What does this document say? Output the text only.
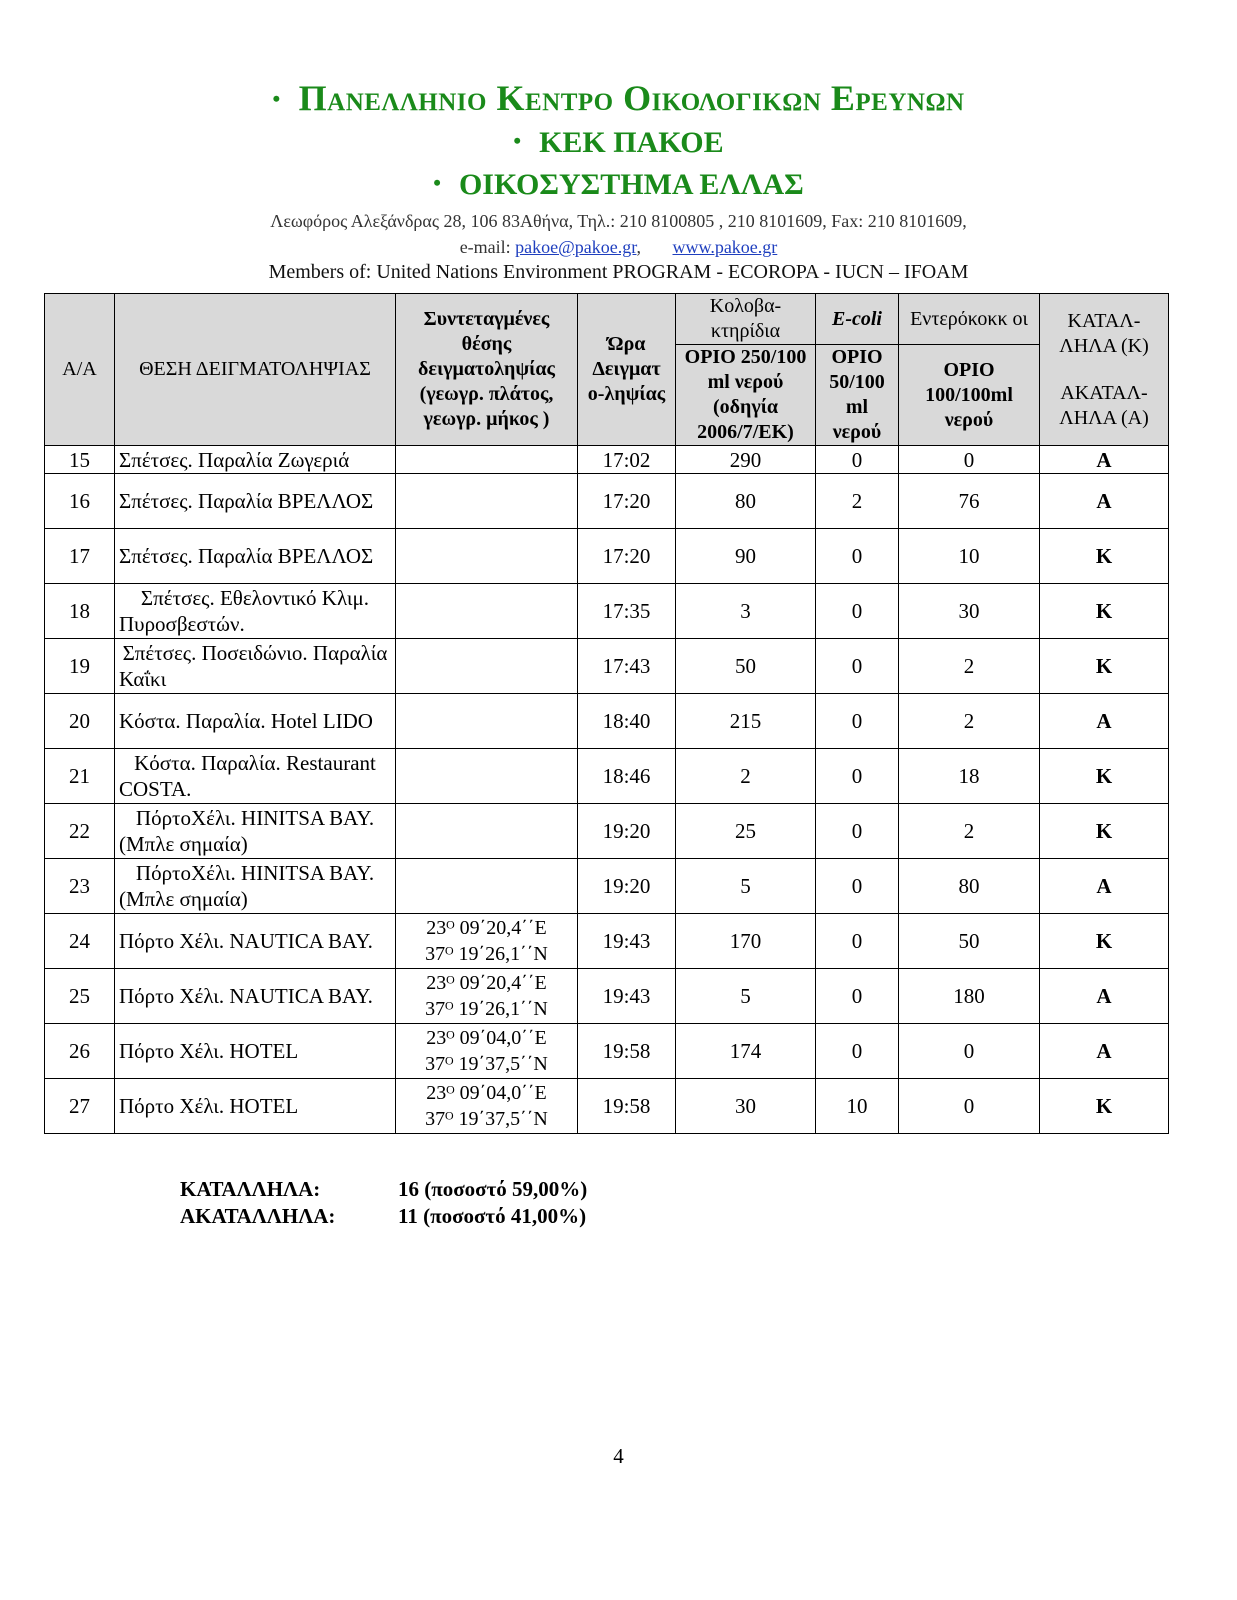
• Πανελληνιο Κεντρο Οικολογικων Ερευνων
• ΚΕΚ ΠΑΚΟΕ
• ΟΙΚΟΣΥΣΤΗΜΑ ΕΛΛΑΣ
Λεωφόρος Αλεξάνδρας 28, 106 83Αθήνα, Τηλ.: 210 8100805 , 210 8101609, Fax: 210 8101609,
e-mail: pakoe@pakoe.gr,       www.pakoe.gr
Members of: United Nations Environment PROGRAM - ECOROPA - IUCN – IFOAM
Α/Α	ΘΕΣΗ ΔΕΙΓΜΑΤΟΛΗΨΙΑΣ	Συντεταγμένες θέσης δειγματοληψίας (γεωγρ. πλάτος, γεωγρ. μήκος )	Ώρα Δειγματ ο-ληψίας	Κολοβα-κτηρίδια	E-coli	Εντερόκοκκ οι	ΚΑΤΑΛ-ΛΗΛΑ (Κ)
ΑΚΑΤΑΛ-ΛΗΛΑ (Α)

				ΟΡΙΟ 250/100 ml νερού (οδηγία 2006/7/ΕΚ)	ΟΡΙΟ 50/100 ml νερού	ΟΡΙΟ 100/100ml νερού	
15	Σπέτσες. Παραλία Ζωγεριά		17:02	290	0	0	Α
16	Σπέτσες. Παραλία ΒΡΕΛΛΟΣ		17:20	80	2	76	Α
17	Σπέτσες. Παραλία ΒΡΕΛΛΟΣ		17:20	90	0	10	Κ
18	Σπέτσες. Εθελοντικό Κλιμ. Πυροσβεστών.		17:35	3	0	30	Κ
19	Σπέτσες. Ποσειδώνιο. Παραλία Καΐκι		17:43	50	0	2	Κ
20	Κόστα. Παραλία. Hotel LIDO		18:40	215	0	2	Α
21	Κόστα. Παραλία. Restaurant COSTA.		18:46	2	0	18	Κ
22	ΠόρτοΧέλι. HINITSA BAY. (Μπλε σημαία)		19:20	25	0	2	Κ
23	ΠόρτοΧέλι. HINITSA BAY. (Μπλε σημαία)		19:20	5	0	80	Α
24	Πόρτο Χέλι. NAUTICA BAY.	23ᴼ 09΄20,4΄΄Ε
37ᴼ 19΄26,1΄΄Ν	19:43	170	0	50	Κ
25	Πόρτο Χέλι. NAUTICA BAY.	23ᴼ 09΄20,4΄΄Ε
37ᴼ 19΄26,1΄΄Ν	19:43	5	0	180	Α
26	Πόρτο Χέλι. HOTEL	23ᴼ 09΄04,0΄΄Ε
37ᴼ 19΄37,5΄΄Ν	19:58	174	0	0	Α
27	Πόρτο Χέλι. HOTEL	23ᴼ 09΄04,0΄΄Ε
37ᴼ 19΄37,5΄΄Ν	19:58	30	10	0	Κ
ΚΑΤΑΛΛΗΛΑ:	16 (ποσοστό 59,00%)
ΑΚΑΤΑΛΛΗΛΑ:	11 (ποσοστό 41,00%)
4
